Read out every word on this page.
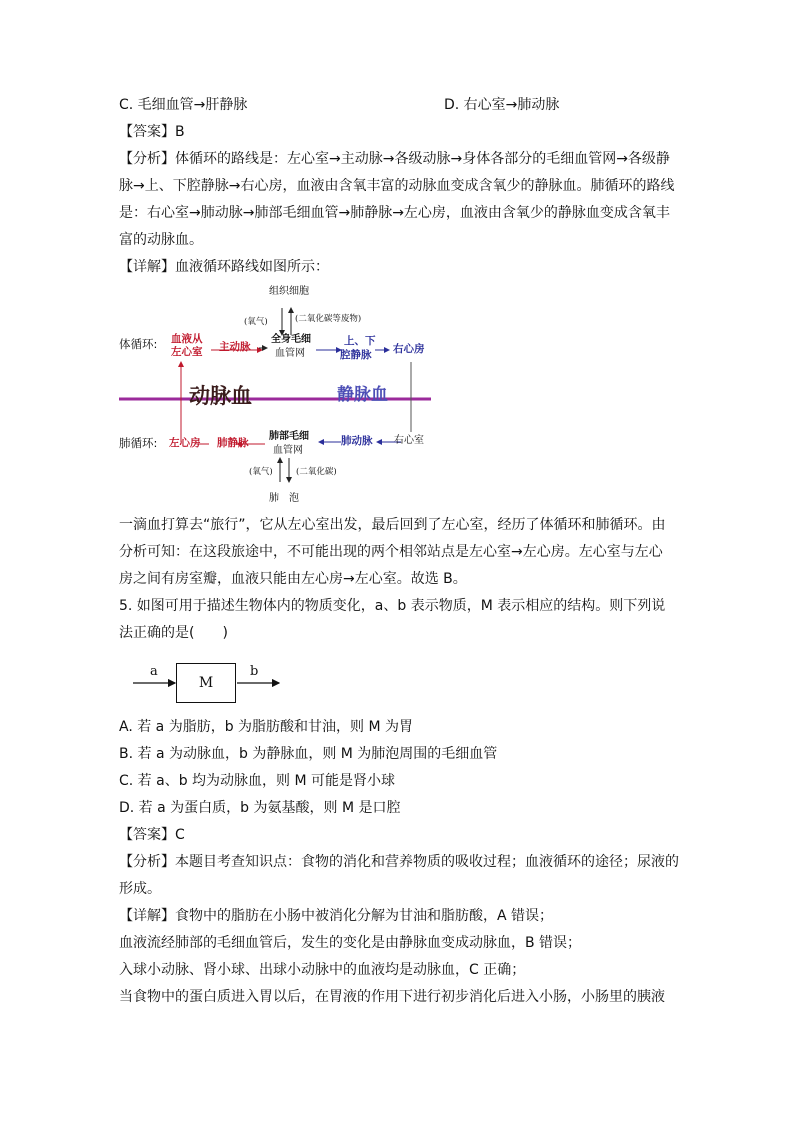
C. 毛细血管→肝静脉	D. 右心室→肺动脉
【答案】B
【分析】体循环的路线是：左心室→主动脉→各级动脉→身体各部分的毛细血管网→各级静
脉→上、下腔静脉→右心房，血液由含氧丰富的动脉血变成含氧少的静脉血。肺循环的路线
是：右心室→肺动脉→肺部毛细血管→肺静脉→左心房，血液由含氧少的静脉血变成含氧丰
富的动脉血。
【详解】血液循环路线如图所示：
组织细胞
(氧气)	(二氧化碳等废物)
体循环: 血液从
左心室 主动脉
全身毛细
血管网
上、下
腔静脉 右心房
动脉血	静脉血
肺循环: 左心房 肺静脉
肺部毛细
血管网
肺动脉 右心室
(氧气)	(二氧化碳)
肺　泡
一滴血打算去“旅行”，它从左心室出发，最后回到了左心室，经历了体循环和肺循环。由
分析可知：在这段旅途中，不可能出现的两个相邻站点是左心室→左心房。左心室与左心
房之间有房室瓣，血液只能由左心房→左心室。故选 B。
5. 如图可用于描述生物体内的物质变化，a、b 表示物质，M 表示相应的结构。则下列说
法正确的是(　　)
a
M
b
A. 若 a 为脂肪，b 为脂肪酸和甘油，则 M 为胃
B. 若 a 为动脉血，b 为静脉血，则 M 为肺泡周围的毛细血管
C. 若 a、b 均为动脉血，则 M 可能是肾小球
D. 若 a 为蛋白质，b 为氨基酸，则 M 是口腔
【答案】C
【分析】本题目考查知识点：食物的消化和营养物质的吸收过程；血液循环的途径；尿液的
形成。
【详解】食物中的脂肪在小肠中被消化分解为甘油和脂肪酸，A 错误；
血液流经肺部的毛细血管后，发生的变化是由静脉血变成动脉血，B 错误；
入球小动脉、肾小球、出球小动脉中的血液均是动脉血，C 正确；
当食物中的蛋白质进入胃以后，在胃液的作用下进行初步消化后进入小肠，小肠里的胰液
